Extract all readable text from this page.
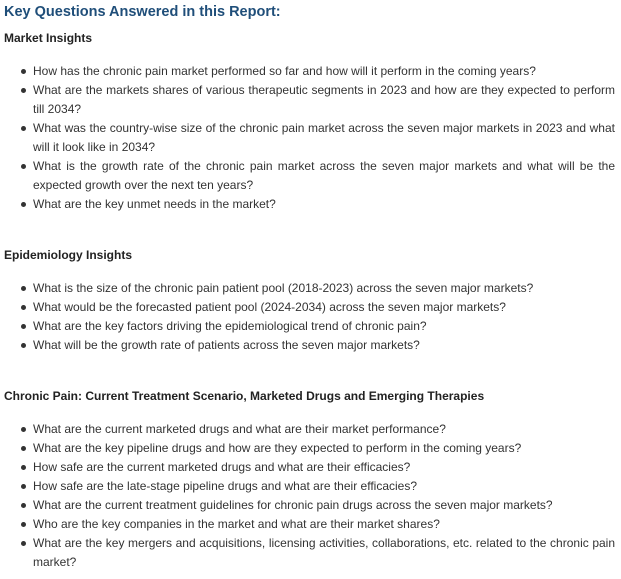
Key Questions Answered in this Report:
Market Insights
How has the chronic pain market performed so far and how will it perform in the coming years?
What are the markets shares of various therapeutic segments in 2023 and how are they expected to perform till 2034?
What was the country-wise size of the chronic pain market across the seven major markets in 2023 and what will it look like in 2034?
What is the growth rate of the chronic pain market across the seven major markets and what will be the expected growth over the next ten years?
What are the key unmet needs in the market?
Epidemiology Insights
What is the size of the chronic pain patient pool (2018-2023) across the seven major markets?
What would be the forecasted patient pool (2024-2034) across the seven major markets?
What are the key factors driving the epidemiological trend of chronic pain?
What will be the growth rate of patients across the seven major markets?
Chronic Pain: Current Treatment Scenario, Marketed Drugs and Emerging Therapies
What are the current marketed drugs and what are their market performance?
What are the key pipeline drugs and how are they expected to perform in the coming years?
How safe are the current marketed drugs and what are their efficacies?
How safe are the late-stage pipeline drugs and what are their efficacies?
What are the current treatment guidelines for chronic pain drugs across the seven major markets?
Who are the key companies in the market and what are their market shares?
What are the key mergers and acquisitions, licensing activities, collaborations, etc. related to the chronic pain market?
